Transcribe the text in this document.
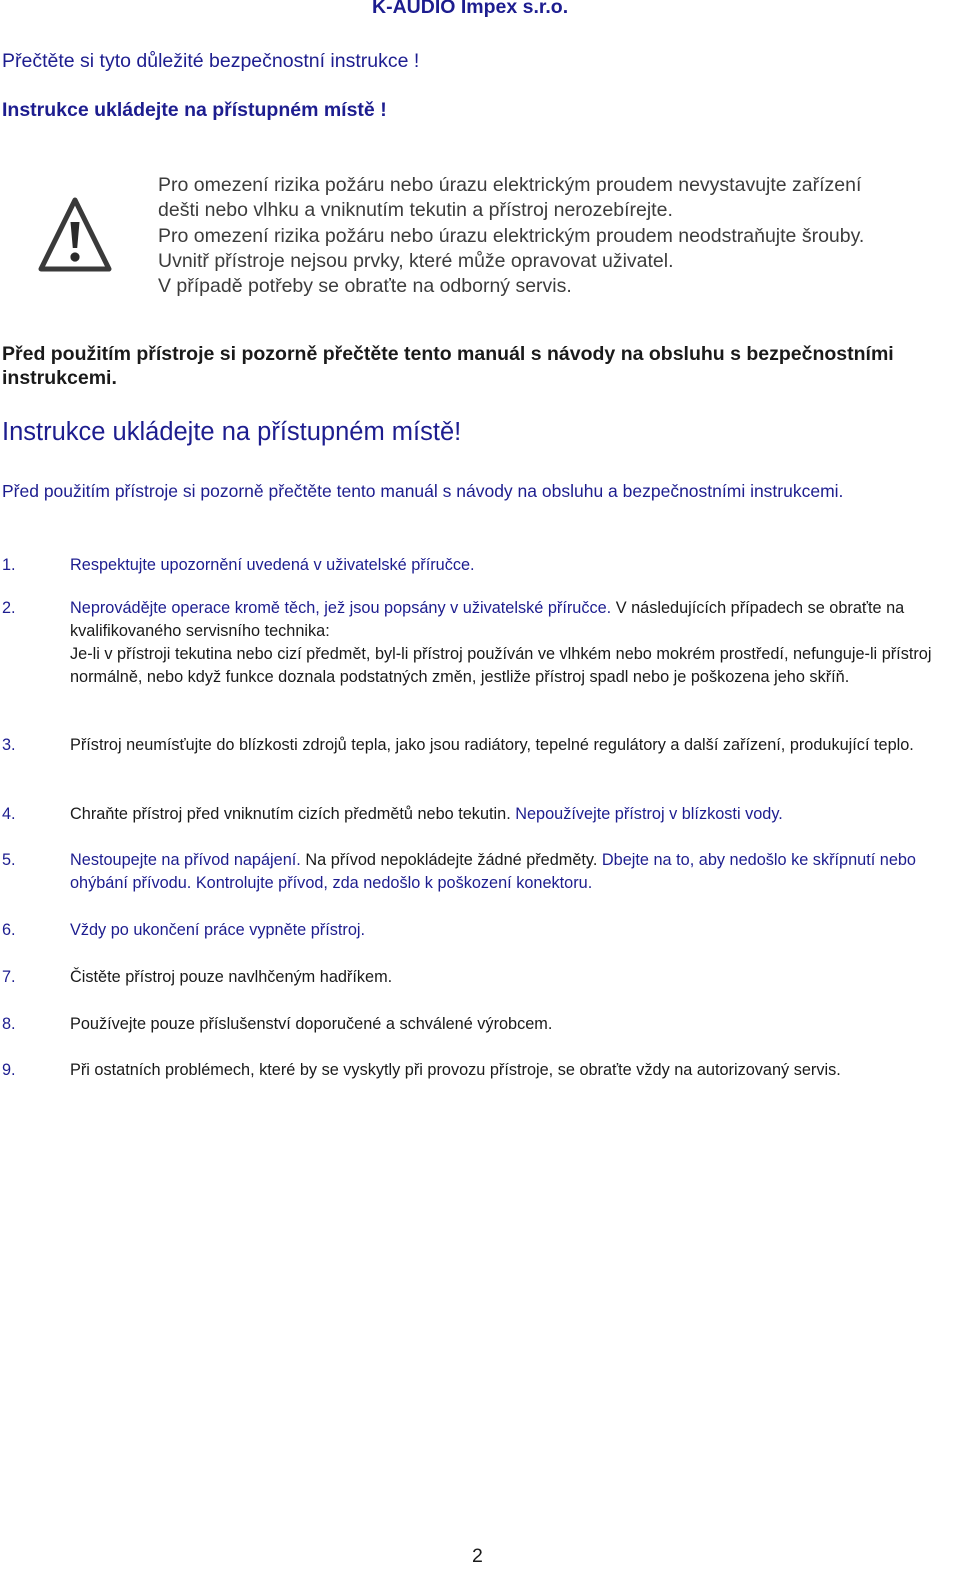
K-AUDIO Impex s.r.o.
Přečtěte si tyto důležité bezpečnostní instrukce !
Instrukce ukládejte na přístupném místě !
Pro omezení rizika požáru nebo úrazu elektrickým proudem nevystavujte zařízení
dešti nebo vlhku a vniknutím tekutin a přístroj nerozebírejte.
Pro omezení rizika požáru nebo úrazu elektrickým proudem neodstraňujte šrouby.
Uvnitř přístroje nejsou prvky, které může opravovat uživatel.
V případě potřeby se obraťte na odborný servis.
Před použitím přístroje si pozorně přečtěte tento manuál s návody na obsluhu s bezpečnostními instrukcemi.
Instrukce ukládejte na přístupném místě!
Před použitím přístroje si pozorně přečtěte tento manuál s návody na obsluhu a bezpečnostními instrukcemi.
1.	Respektujte upozornění uvedená v uživatelské příručce.
2.	Neprovádějte operace kromě těch, jež jsou popsány v uživatelské příručce. V následujících případech se obraťte na kvalifikovaného servisního technika:
Je-li v přístroji tekutina nebo cizí předmět, byl-li přístroj používán ve vlhkém nebo mokrém prostředí, nefunguje-li přístroj normálně, nebo když funkce doznala podstatných změn, jestliže přístroj spadl nebo je poškozena jeho skříň.
3.	Přístroj neumísťujte do blízkosti zdrojů tepla, jako jsou radiátory, tepelné regulátory a další zařízení, produkující teplo.
4.	Chraňte přístroj před vniknutím cizích předmětů nebo tekutin. Nepoužívejte přístroj v blízkosti vody.
5.	Nestoupejte na přívod napájení. Na přívod nepokládejte žádné předměty. Dbejte na to, aby nedošlo ke skřípnutí nebo ohýbání přívodu. Kontrolujte přívod, zda nedošlo k poškození konektoru.
6.	Vždy po ukončení práce vypněte přístroj.
7.	Čistěte přístroj pouze navlhčeným hadříkem.
8.	Používejte pouze příslušenství doporučené a schválené výrobcem.
9.	Při ostatních problémech, které by se vyskytly při provozu přístroje, se obraťte vždy na autorizovaný servis.
2
